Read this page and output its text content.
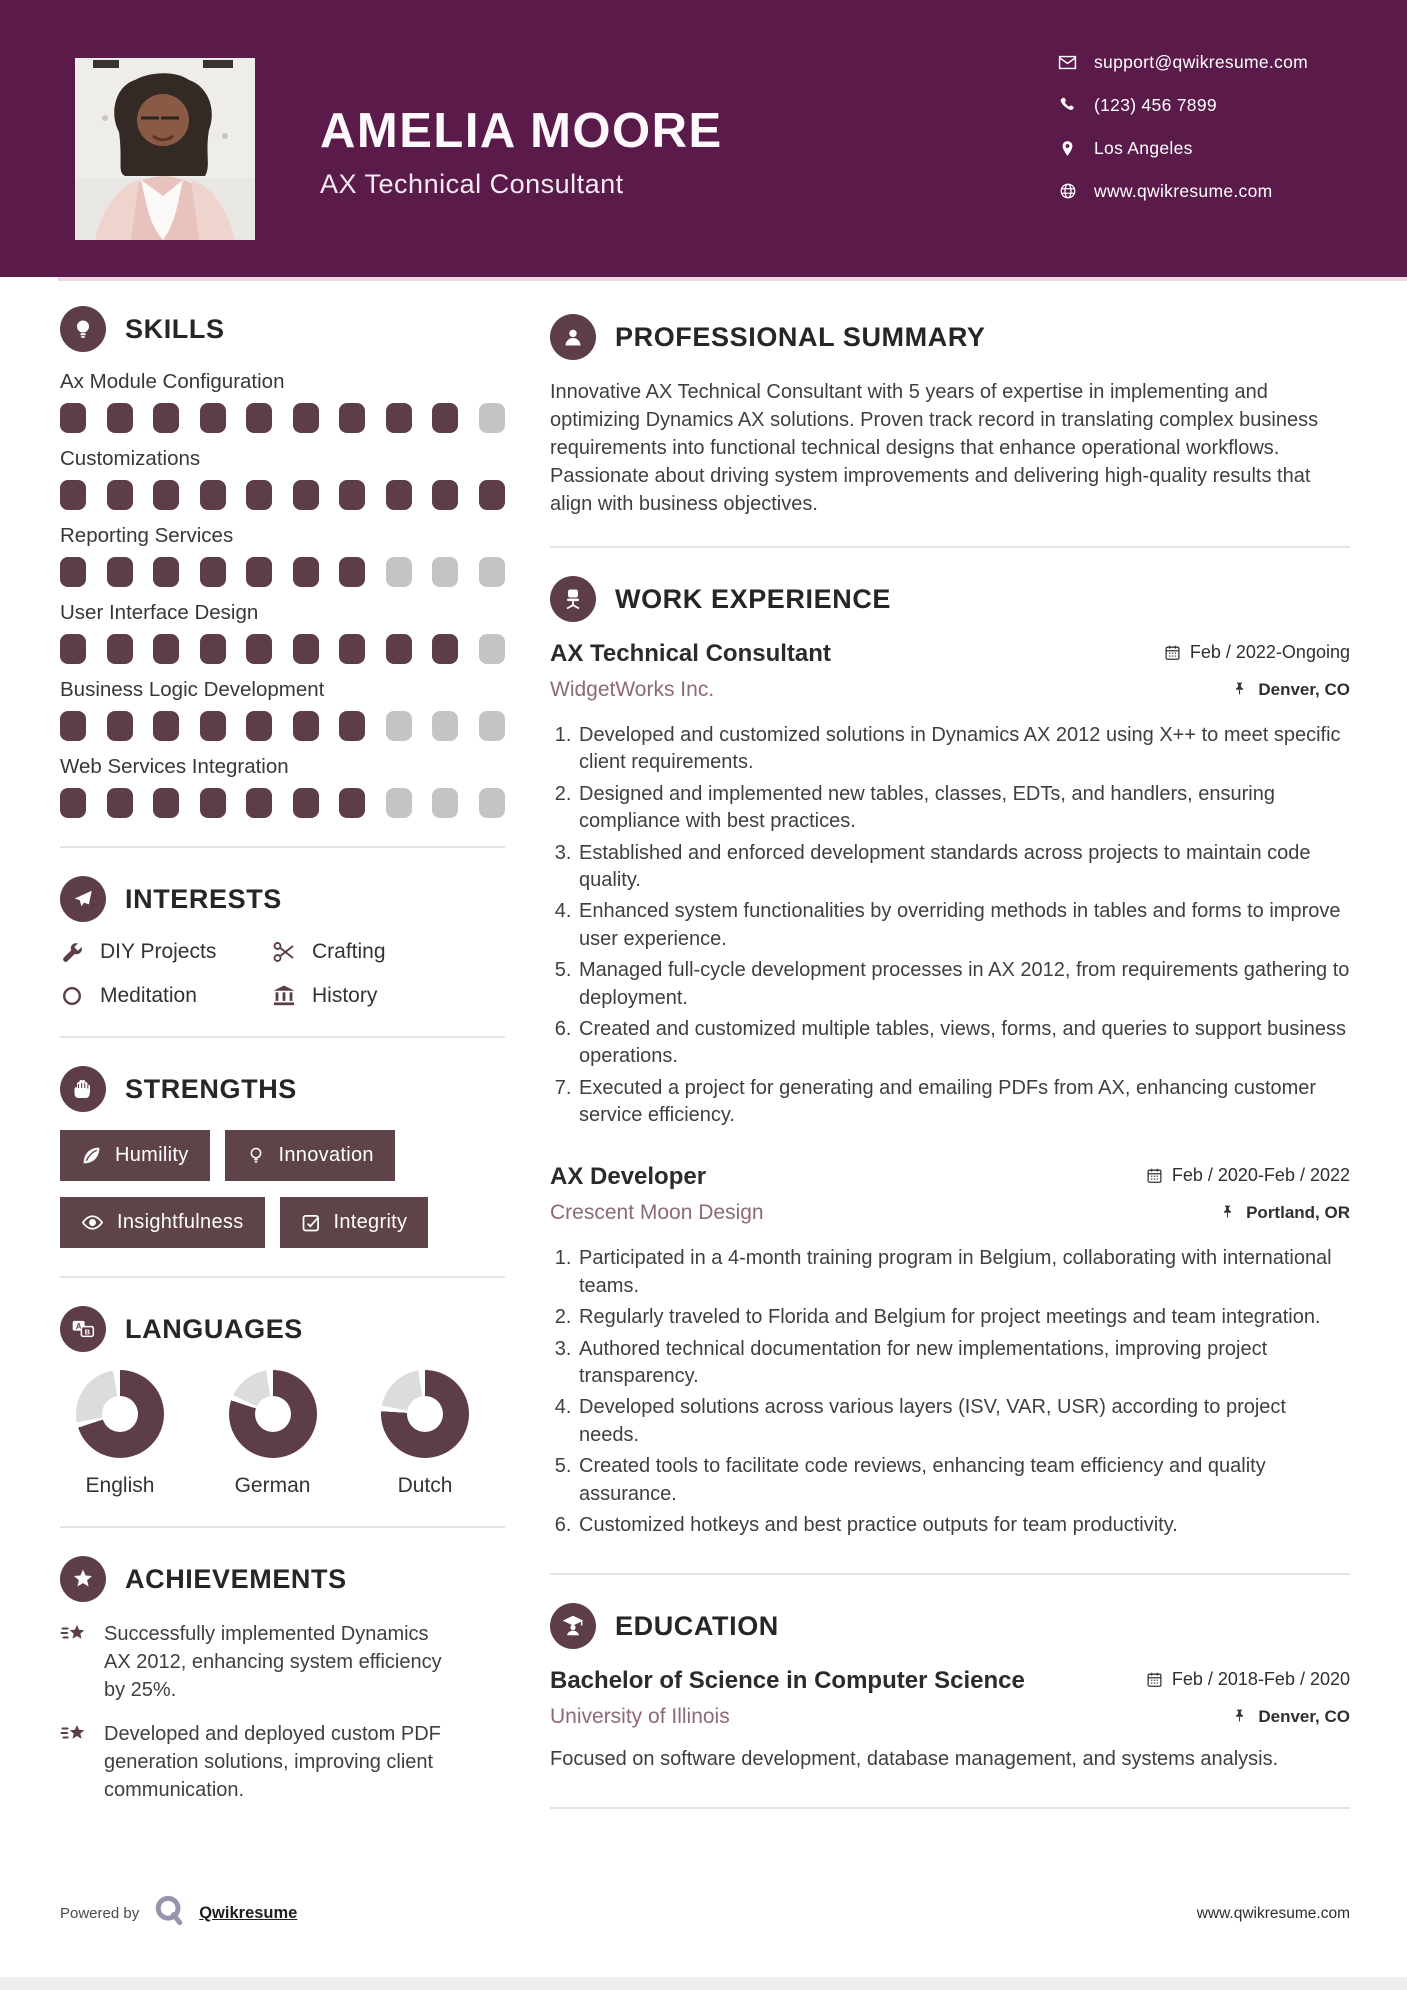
AMELIA MOORE
AX Technical Consultant
support@qwikresume.com
(123) 456 7899
Los Angeles
www.qwikresume.com
SKILLS
Ax Module Configuration
Customizations
Reporting Services
User Interface Design
Business Logic Development
Web Services Integration
INTERESTS
DIY Projects	Crafting
Meditation	History
STRENGTHS
Humility	Innovation
Insightfulness	Integrity
A
B LANGUAGES
English	German	Dutch
ACHIEVEMENTS

Successfully implemented Dynamics AX 2012, enhancing system efficiency by 25%.

Developed and deployed custom PDF generation solutions, improving client communication.

PROFESSIONAL SUMMARY

Innovative AX Technical Consultant with 5 years of expertise in implementing and optimizing Dynamics AX solutions. Proven track record in translating complex business requirements into functional technical designs that enhance operational workflows. Passionate about driving system improvements and delivering high-quality results that align with business objectives.

WORK EXPERIENCE
AX Technical Consultant	Feb / 2022-Ongoing
WidgetWorks Inc.	Denver, CO
1. Developed and customized solutions in Dynamics AX 2012 using X++ to meet specific client requirements.
2. Designed and implemented new tables, classes, EDTs, and handlers, ensuring compliance with best practices.
3. Established and enforced development standards across projects to maintain code quality.
4. Enhanced system functionalities by overriding methods in tables and forms to improve user experience.
5. Managed full-cycle development processes in AX 2012, from requirements gathering to deployment.
6. Created and customized multiple tables, views, forms, and queries to support business operations.
7. Executed a project for generating and emailing PDFs from AX, enhancing customer service efficiency.
AX Developer	Feb / 2020-Feb / 2022
Crescent Moon Design	Portland, OR
1. Participated in a 4-month training program in Belgium, collaborating with international teams.
2. Regularly traveled to Florida and Belgium for project meetings and team integration.
3. Authored technical documentation for new implementations, improving project transparency.
4. Developed solutions across various layers (ISV, VAR, USR) according to project needs.
5. Created tools to facilitate code reviews, enhancing team efficiency and quality assurance.
6. Customized hotkeys and best practice outputs for team productivity.
EDUCATION
Bachelor of Science in Computer Science	Feb / 2018-Feb / 2020
University of Illinois	Denver, CO

Focused on software development, database management, and systems analysis.

Powered by	Qwikresume	www.qwikresume.com
